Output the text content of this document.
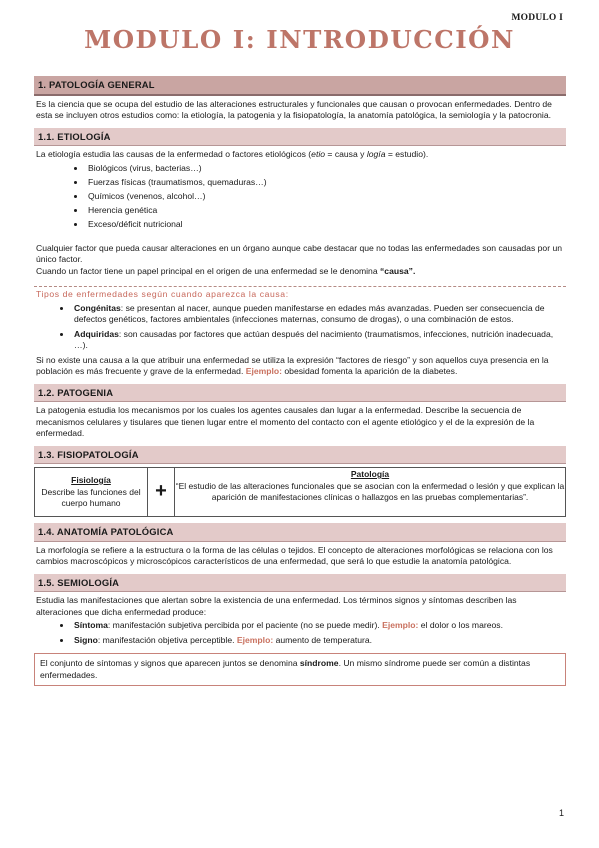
MODULO I
MODULO I: INTRODUCCIÓN
1. PATOLOGÍA GENERAL

Es la ciencia que se ocupa del estudio de las alteraciones estructurales y funcionales que causan o provocan enfermedades. Dentro de esta se incluyen otros estudios como: la etiología, la patogenia y la fisiopatología, la anatomía patológica, la semiología y la patocronia.

1.1. ETIOLOGÍA

La etiología estudia las causas de la enfermedad o factores etiológicos (etio = causa y logía = estudio).

• Biológicos (virus, bacterias…)
• Fuerzas físicas (traumatismos, quemaduras…)
• Químicos (venenos, alcohol…)
• Herencia genética
• Exceso/déficit nutricional

Cualquier factor que pueda causar alteraciones en un órgano aunque cabe destacar que no todas las enfermedades son causadas por un único factor.

Cuando un factor tiene un papel principal en el origen de una enfermedad se le denomina “causa”.

Tipos de enfermedades según cuando aparezca la causa:
• Congénitas: se presentan al nacer, aunque pueden manifestarse en edades más avanzadas. Pueden ser consecuencia de defectos genéticos, factores ambientales (infecciones maternas, consumo de drogas), o una combinación de estos.
• Adquiridas: son causadas por factores que actúan después del nacimiento (traumatismos, infecciones, nutrición inadecuada, …).

Si no existe una causa a la que atribuir una enfermedad se utiliza la expresión “factores de riesgo” y son aquellos cuya presencia en la población es más frecuente y grave de la enfermedad. Ejemplo: obesidad fomenta la aparición de la diabetes.

1.2. PATOGENIA

La patogenia estudia los mecanismos por los cuales los agentes causales dan lugar a la enfermedad. Describe la secuencia de mecanismos celulares y tisulares que tienen lugar entre el momento del contacto con el agente etiológico y el de la expresión de la enfermedad.

1.3. FISIOPATOLOGÍA
Fisiología
Describe las funciones del cuerpo humano
+
Patología
“El estudio de las alteraciones funcionales que se asocian con la enfermedad o lesión y que explican la aparición de manifestaciones clínicas o hallazgos en las pruebas complementarias”.
1.4. ANATOMÍA PATOLÓGICA

La morfología se refiere a la estructura o la forma de las células o tejidos. El concepto de alteraciones morfológicas se relaciona con los cambios macroscópicos y microscópicos característicos de una enfermedad, que será lo que estudie la anatomía patológica.

1.5. SEMIOLOGÍA

Estudia las manifestaciones que alertan sobre la existencia de una enfermedad. Los términos signos y síntomas describen las alteraciones que dicha enfermedad produce:

• Síntoma: manifestación subjetiva percibida por el paciente (no se puede medir). Ejemplo: el dolor o los mareos.
• Signo: manifestación objetiva perceptible. Ejemplo: aumento de temperatura.
El conjunto de síntomas y signos que aparecen juntos se denomina síndrome. Un mismo síndrome puede ser común a distintas enfermedades.
1
